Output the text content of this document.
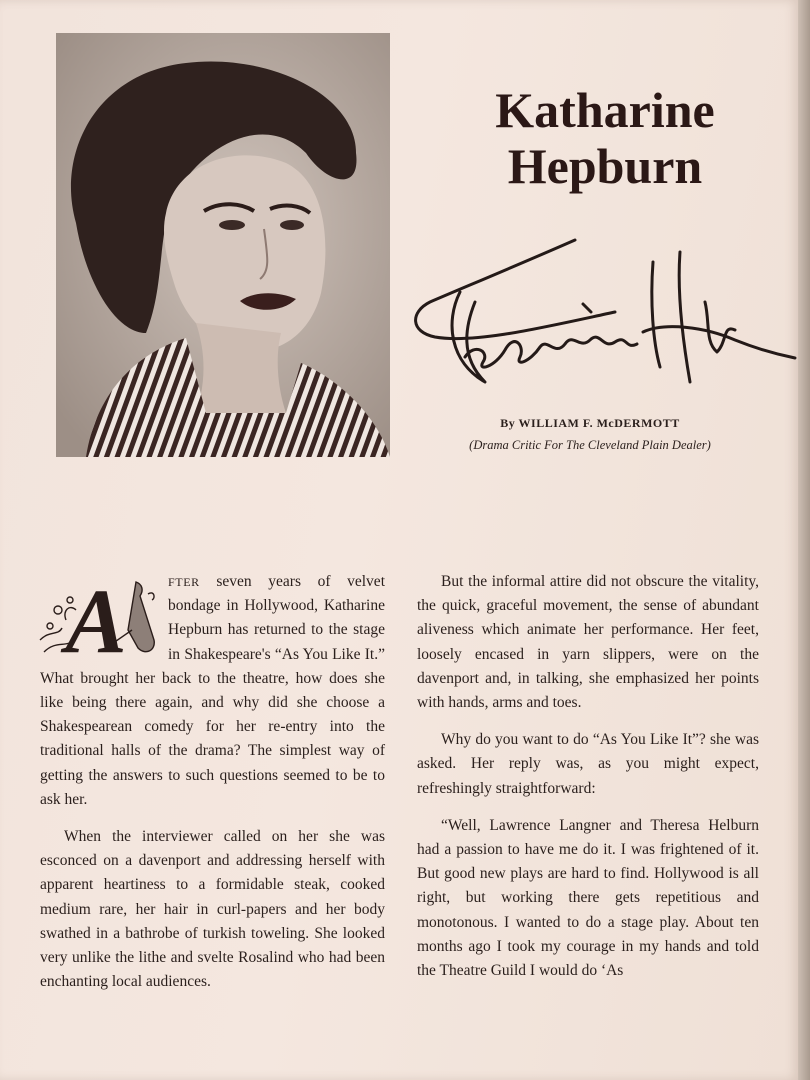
Katharine
Hepburn
By WILLIAM F. McDERMOTT
(Drama Critic For The Cleveland Plain Dealer)

A	FTER seven years of velvet bondage in Hollywood, Katharine Hepburn has returned to the stage in Shakespeare's “As You Like It.” What brought her back to the theatre, how does she like being there again, and why did she choose a Shakespearean comedy for her re-entry into the traditional halls of the drama? The simplest way of getting the answers to such questions seemed to be to ask her.

When the interviewer called on her she was esconced on a davenport and addressing herself with apparent heartiness to a formidable steak, cooked medium rare, her hair in curl-papers and her body swathed in a bathrobe of turkish toweling. She looked very unlike the lithe and svelte Rosalind who had been enchanting local audiences.

But the informal attire did not obscure the vitality, the quick, graceful movement, the sense of abundant aliveness which animate her performance. Her feet, loosely encased in yarn slippers, were on the davenport and, in talking, she emphasized her points with hands, arms and toes.

Why do you want to do “As You Like It”? she was asked. Her reply was, as you might expect, refreshingly straightforward:

“Well, Lawrence Langner and Theresa Helburn had a passion to have me do it. I was frightened of it. But good new plays are hard to find. Hollywood is all right, but working there gets repetitious and monotonous. I wanted to do a stage play. About ten months ago I took my courage in my hands and told the Theatre Guild I would do ‘As
